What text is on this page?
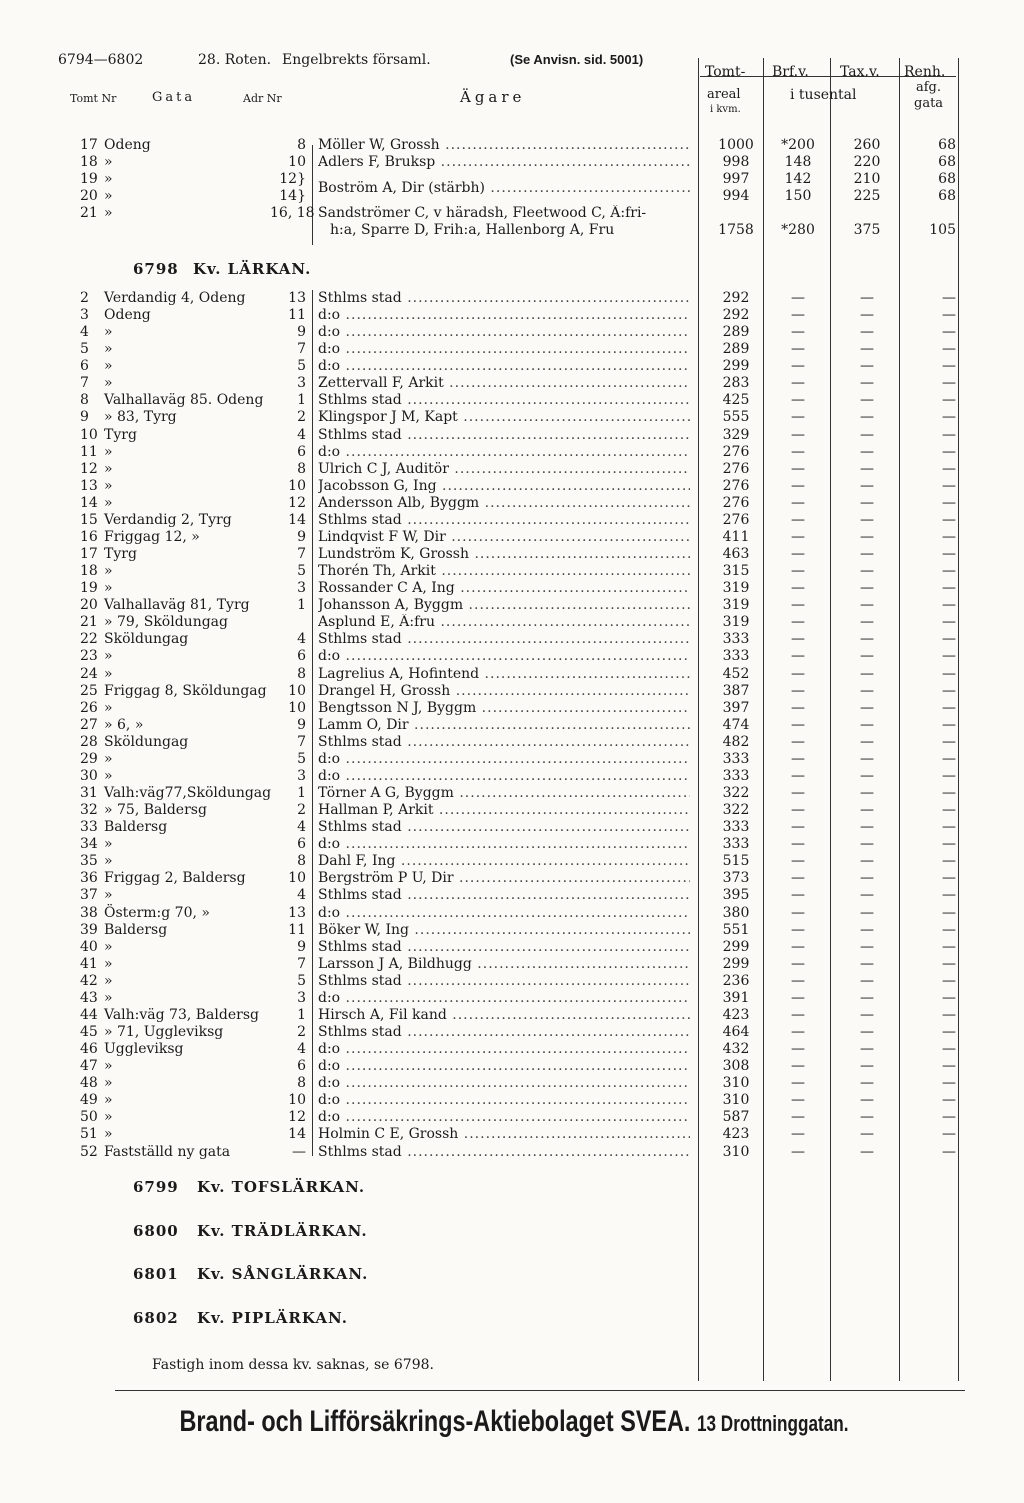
6794—6802	28. Roten. Engelbrekts församl.	(Se Anvisn. sid. 5001)
Tomt Nr	Gata	Adr Nr	Ägare
Tomt-
areal
i kvm.
Brf.v. Tax.v.
i tusental
Renh.
afg.
gata
17 Odeng	8 Möller W, Grossh .....	1000	*200	260	68
18 »	10 Adlers F, Bruksp .....	998	148	220	68
19 »	12}	997	142	210	68
20 »	14} Boström A, Dir (stärbh) .....	994	150	225	68
21 »	16, 18 Sandströmer C, v häradsh, Fleetwood C, Ä:fri-
h:a, Sparre D, Frih:a, Hallenborg A, Fru	1758	*280	375	105
6798 Kv. LÄRKAN.
2	Verdandig 4, Odeng	13 Sthlms stad .....	292	—	—	—
3	Odeng	11 d:o .....	292	—	—	—
4	»	9 d:o .....	289	—	—	—
5	»	7 d:o .....	289	—	—	—
6	»	5 d:o .....	299	—	—	—
7	»	3 Zettervall F, Arkit .....	283	—	—	—
8	Valhallaväg 85. Odeng	1 Sthlms stad .....	425	—	—	—
9	» 83, Tyrg	2 Klingspor J M, Kapt .....	555	—	—	—
10 Tyrg	4 Sthlms stad .....	329	—	—	—
11 »	6 d:o .....	276	—	—	—
12 »	8 Ulrich C J, Auditör .....	276	—	—	—
13 »	10 Jacobsson G, Ing .....	276	—	—	—
14 »	12 Andersson Alb, Byggm .....	276	—	—	—
15 Verdandig 2, Tyrg	14 Sthlms stad .....	276	—	—	—
16 Friggag 12, »	9 Lindqvist F W, Dir .....	411	—	—	—
17 Tyrg	7 Lundström K, Grossh .....	463	—	—	—
18 »	5 Thorén Th, Arkit .....	315	—	—	—
19 »	3 Rossander C A, Ing .....	319	—	—	—
20 Valhallaväg 81, Tyrg	1 Johansson A, Byggm .....	319	—	—	—
21 » 79, Sköldungag	Asplund E, Ä:fru .....	319	—	—	—
22 Sköldungag	4 Sthlms stad .....	333	—	—	—
23 »	6 d:o .....	333	—	—	—
24 »	8 Lagrelius A, Hofintend .....	452	—	—	—
25 Friggag 8, Sköldungag	10 Drangel H, Grossh .....	387	—	—	—
26 »	10 Bengtsson N J, Byggm .....	397	—	—	—
27 » 6, »	9 Lamm O, Dir .....	474	—	—	—
28 Sköldungag	7 Sthlms stad .....	482	—	—	—
29 »	5 d:o .....	333	—	—	—
30 »	3 d:o .....	333	—	—	—
31 Valh:väg77,Sköldungag	1 Törner A G, Byggm .....	322	—	—	—
32 » 75, Baldersg	2 Hallman P, Arkit .....	322	—	—	—
33 Baldersg	4 Sthlms stad .....	333	—	—	—
34 »	6 d:o .....	333	—	—	—
35 »	8 Dahl F, Ing .....	515	—	—	—
36 Friggag 2, Baldersg	10 Bergström P U, Dir .....	373	—	—	—
37 »	4 Sthlms stad .....	395	—	—	—
38 Österm:g 70, »	13 d:o .....	380	—	—	—
39 Baldersg	11 Böker W, Ing .....	551	—	—	—
40 »	9 Sthlms stad .....	299	—	—	—
41 »	7 Larsson J A, Bildhugg .....	299	—	—	—
42 »	5 Sthlms stad .....	236	—	—	—
43 »	3 d:o .....	391	—	—	—
44 Valh:väg 73, Baldersg	1 Hirsch A, Fil kand .....	423	—	—	—
45 » 71, Uggleviksg	2 Sthlms stad .....	464	—	—	—
46 Uggleviksg	4 d:o .....	432	—	—	—
47 »	6 d:o .....	308	—	—	—
48 »	8 d:o .....	310	—	—	—
49 »	10 d:o .....	310	—	—	—
50 »	12 d:o .....	587	—	—	—
51 »	14 Holmin C E, Grossh .....	423	—	—	—
52 Fastställd ny gata	— Sthlms stad .....	310	—	—	—
6799 Kv. TOFSLÄRKAN.
6800 Kv. TRÄDLÄRKAN.
6801 Kv. SÅNGLÄRKAN.
6802 Kv. PIPLÄRKAN.
Fastigh inom dessa kv. saknas, se 6798.
Brand- och Lifförsäkrings-Aktiebolaget SVEA. 13 Drottninggatan.
